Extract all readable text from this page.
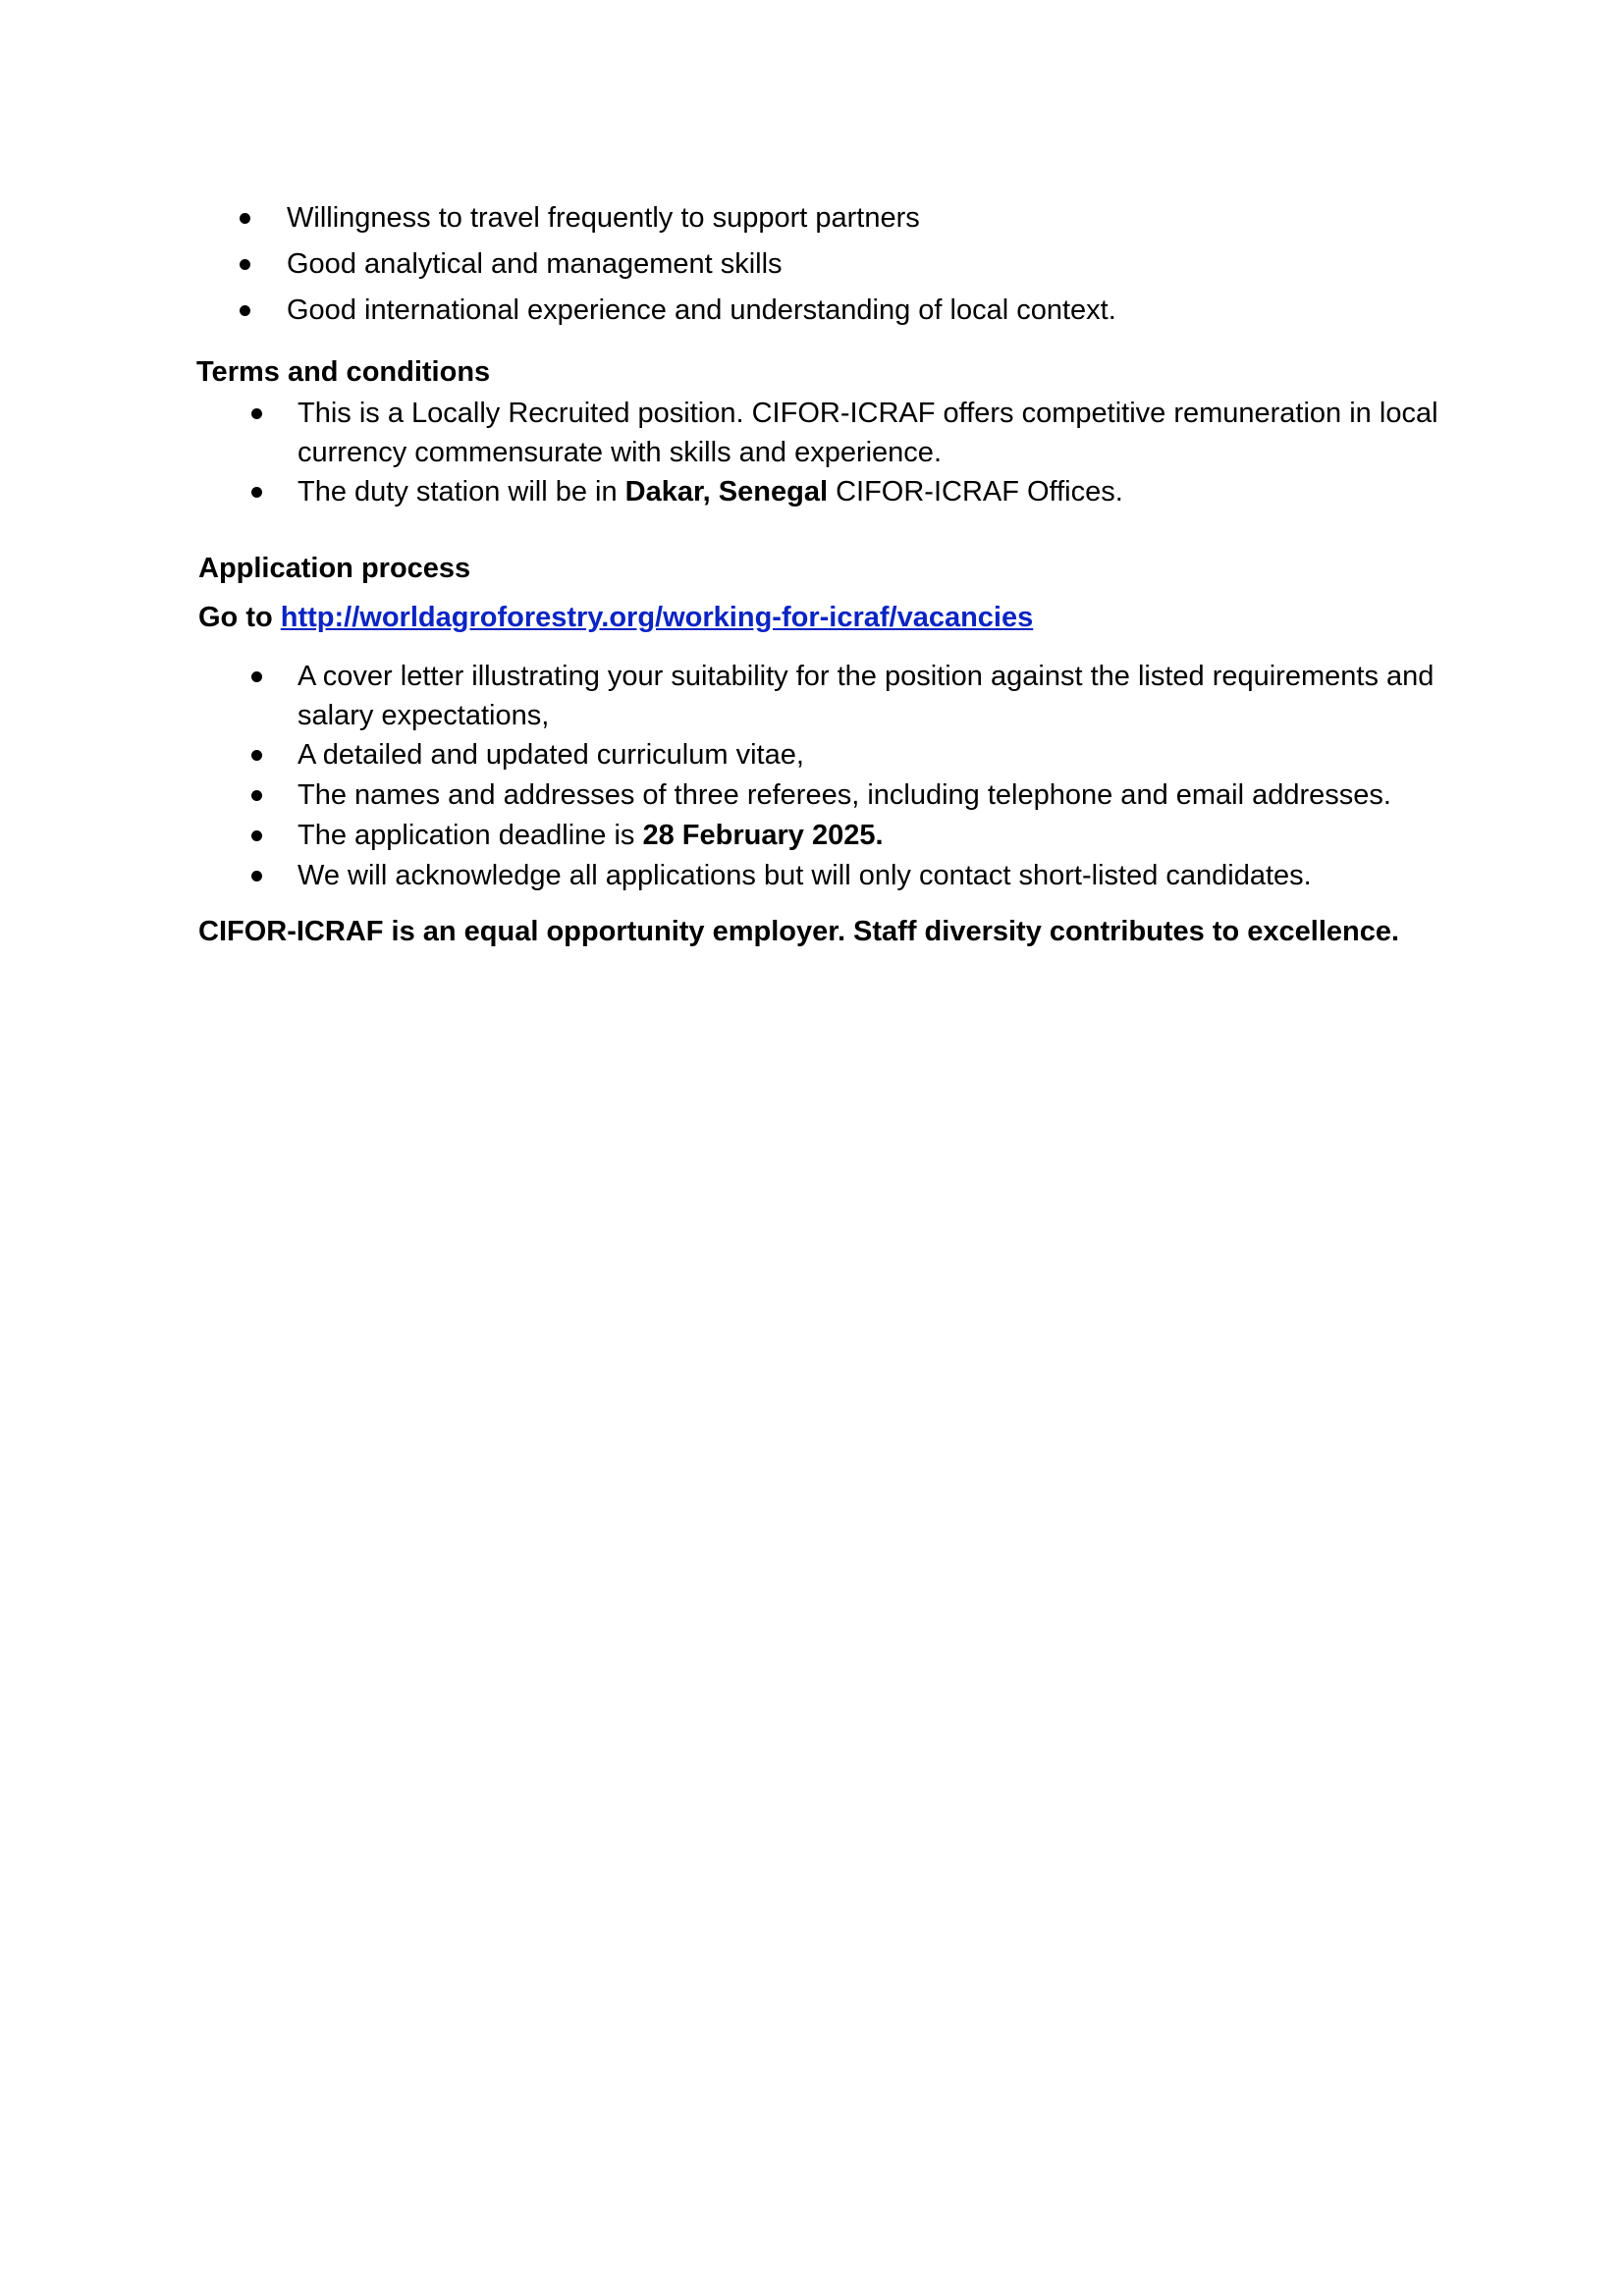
Willingness to travel frequently to support partners
Good analytical and management skills
Good international experience and understanding of local context.
Terms and conditions
This is a Locally Recruited position. CIFOR-ICRAF offers competitive remuneration in local currency commensurate with skills and experience.
The duty station will be in Dakar, Senegal CIFOR-ICRAF Offices.
Application process
Go to http://worldagroforestry.org/working-for-icraf/vacancies
A cover letter illustrating your suitability for the position against the listed requirements and salary expectations,
A detailed and updated curriculum vitae,
The names and addresses of three referees, including telephone and email addresses.
The application deadline is 28 February 2025.
We will acknowledge all applications but will only contact short-listed candidates.
CIFOR-ICRAF is an equal opportunity employer. Staff diversity contributes to excellence.
